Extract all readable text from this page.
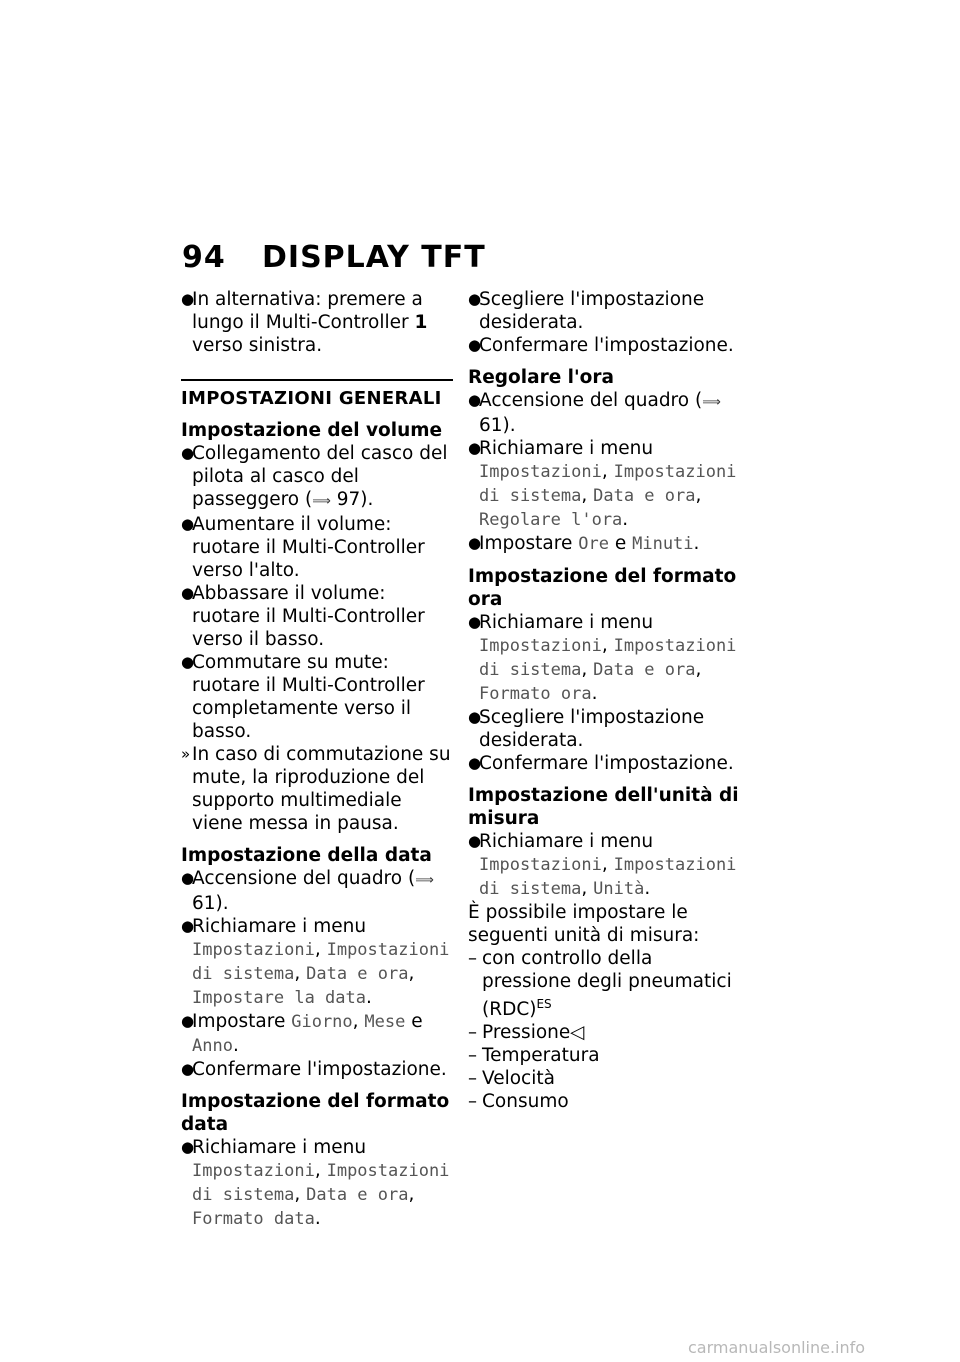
94 DISPLAY TFT

●
In alternativa: premere a lungo il Multi-Controller 1 verso sinistra.

IMPOSTAZIONI GENERALI

Impostazione del volume

●
Collegamento del casco del pilota al casco del passeggero (⟹ 97).

●
Aumentare il volume: ruotare il Multi-Controller verso l'alto.

●
Abbassare il volume: ruotare il Multi-Controller verso il basso.

●
Commutare su mute: ruotare il Multi-Controller completamente verso il basso.

» In caso di commutazione su mute, la riproduzione del supporto multimediale viene messa in pausa.

Impostazione della data

●
Accensione del quadro (⟹ 61).

●
Richiamare i menu Impostazioni, Impostazioni di sistema, Data e ora, Impostare la data.

●
Impostare Giorno, Mese e Anno.

●
Confermare l'impostazione.

Impostazione del formato data

●
Richiamare i menu Impostazioni, Impostazioni di sistema, Data e ora, Formato data.

●
Scegliere l'impostazione desiderata.

●
Confermare l'impostazione.

Regolare l'ora

●
Accensione del quadro (⟹ 61).

●
Richiamare i menu Impostazioni, Impostazioni di sistema, Data e ora, Regolare l'ora.

●
Impostare Ore e Minuti.

Impostazione del formato ora

●
Richiamare i menu Impostazioni, Impostazioni di sistema, Data e ora, Formato ora.

●
Scegliere l'impostazione desiderata.

●
Confermare l'impostazione.

Impostazione dell'unità di misura

●
Richiamare i menu Impostazioni, Impostazioni di sistema, Unità.

È possibile impostare le seguenti unità di misura:

– con controllo della pressione degli pneumatici (RDC)$^{ES}$

– Pressione◁

– Temperatura

– Velocità

– Consumo

carmanualsonline.info
